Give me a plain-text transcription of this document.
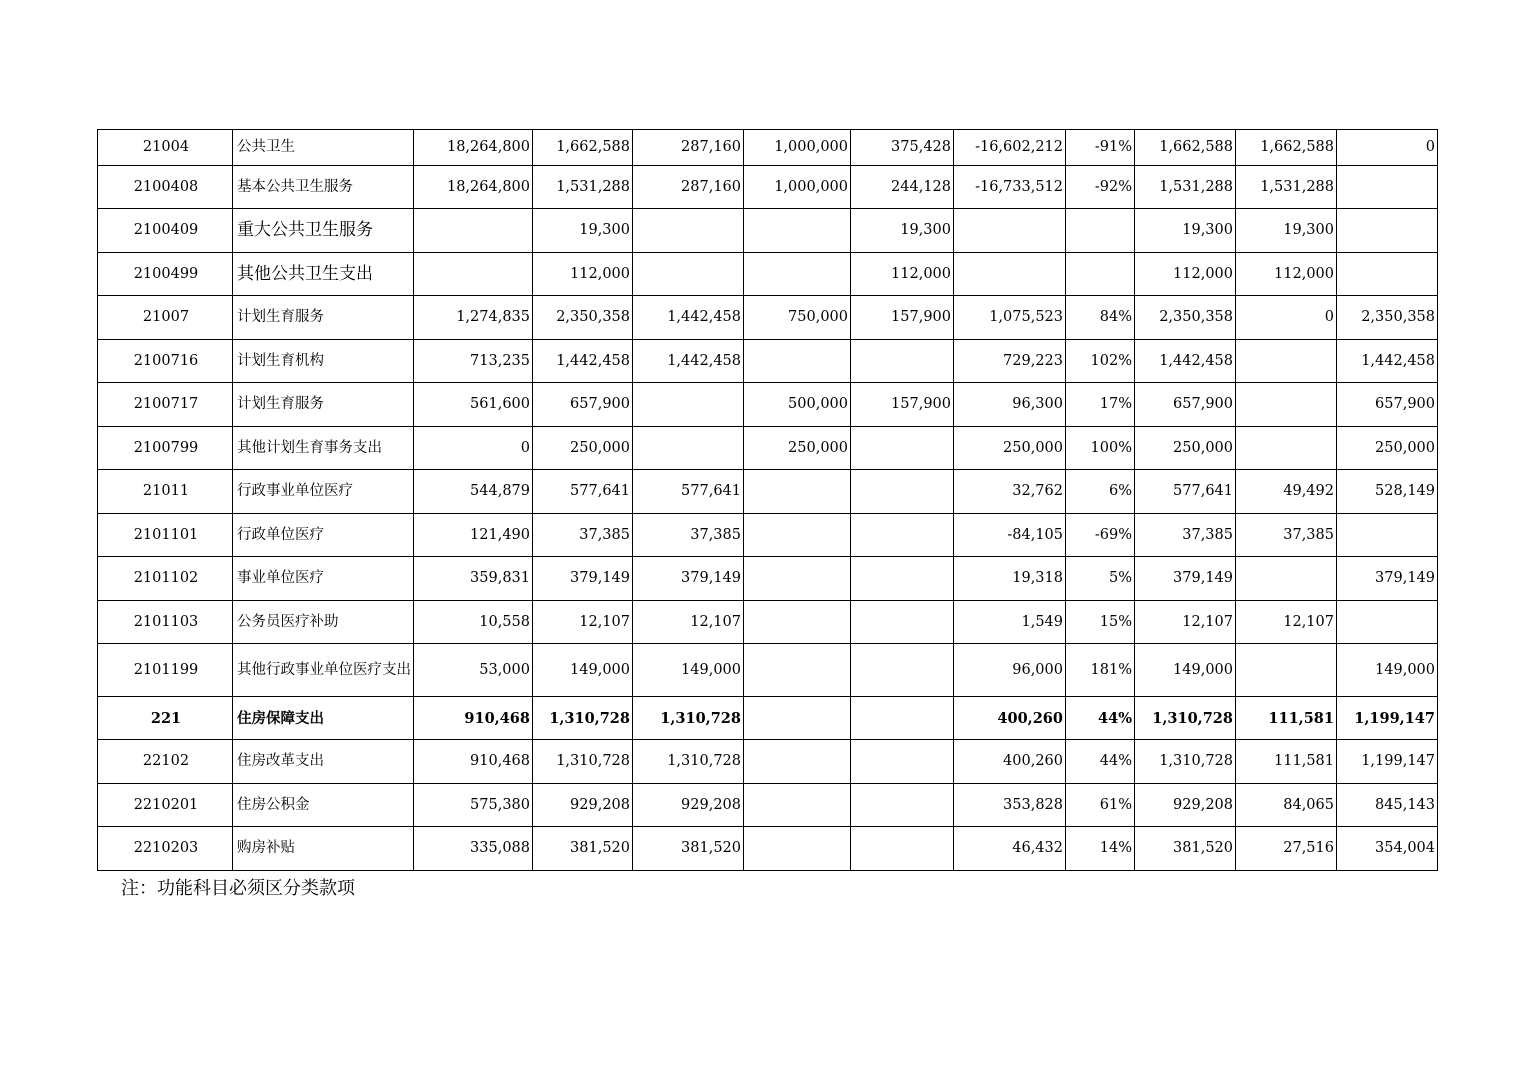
21004	公共卫生	18,264,800	1,662,588	287,160	1,000,000	375,428	-16,602,212	-91%	1,662,588	1,662,588	0
2100408	基本公共卫生服务	18,264,800	1,531,288	287,160	1,000,000	244,128	-16,733,512	-92%	1,531,288	1,531,288	
2100409	重大公共卫生服务		19,300			19,300			19,300	19,300	
2100499	其他公共卫生支出		112,000			112,000			112,000	112,000	
21007	计划生育服务	1,274,835	2,350,358	1,442,458	750,000	157,900	1,075,523	84%	2,350,358	0	2,350,358
2100716	计划生育机构	713,235	1,442,458	1,442,458			729,223	102%	1,442,458		1,442,458
2100717	计划生育服务	561,600	657,900		500,000	157,900	96,300	17%	657,900		657,900
2100799	其他计划生育事务支出	0	250,000		250,000		250,000	100%	250,000		250,000
21011	行政事业单位医疗	544,879	577,641	577,641			32,762	6%	577,641	49,492	528,149
2101101	行政单位医疗	121,490	37,385	37,385			-84,105	-69%	37,385	37,385	
2101102	事业单位医疗	359,831	379,149	379,149			19,318	5%	379,149		379,149
2101103	公务员医疗补助	10,558	12,107	12,107			1,549	15%	12,107	12,107	
2101199	其他行政事业单位医疗支出	53,000	149,000	149,000			96,000	181%	149,000		149,000
221	住房保障支出	910,468	1,310,728	1,310,728			400,260	44%	1,310,728	111,581	1,199,147
22102	住房改革支出	910,468	1,310,728	1,310,728			400,260	44%	1,310,728	111,581	1,199,147
2210201	住房公积金	575,380	929,208	929,208			353,828	61%	929,208	84,065	845,143
2210203	购房补贴	335,088	381,520	381,520			46,432	14%	381,520	27,516	354,004
注：功能科目必须区分类款项
